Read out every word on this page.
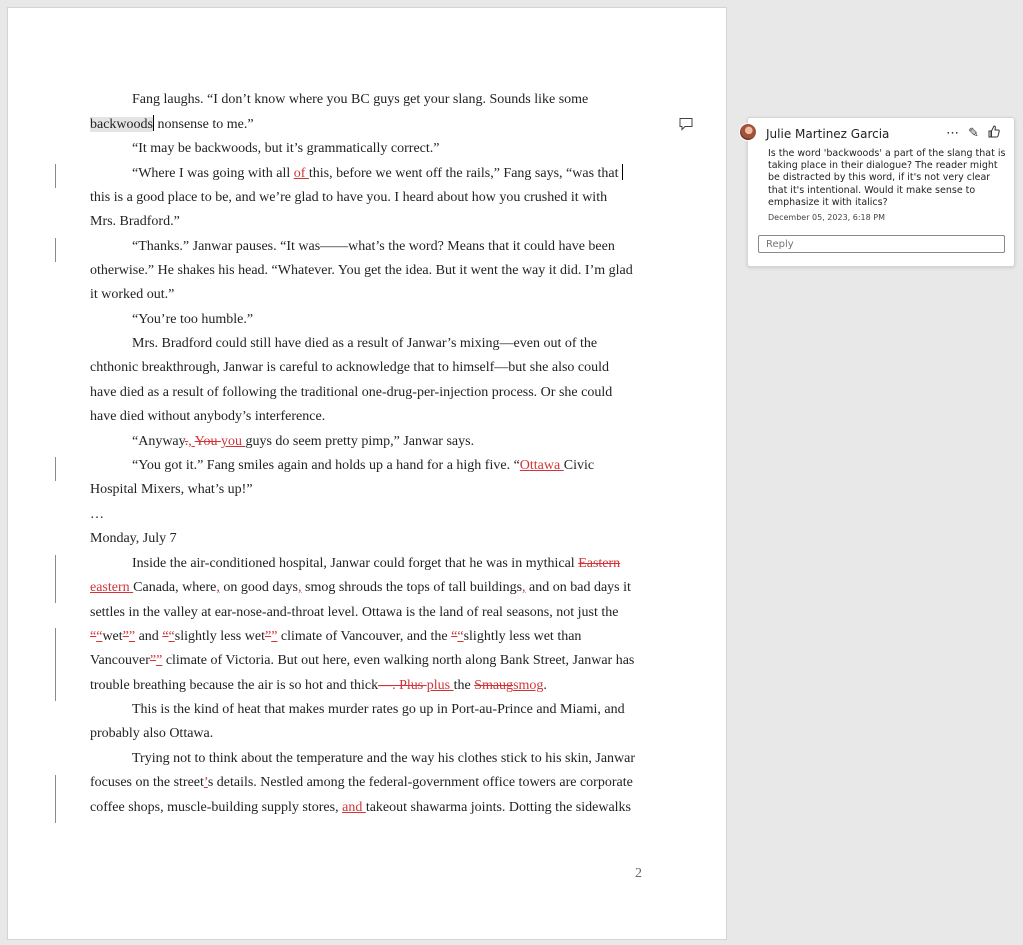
Fang laughs. “I don’t know where you BC guys get your slang. Sounds like some
backwoods nonsense to me.”
“It may be backwoods, but it’s grammatically correct.”
“Where I was going with all of this, before we went off the rails,” Fang says, “was that
this is a good place to be, and we’re glad to have you. I heard about how you crushed it with
Mrs. Bradford.”
“Thanks.” Janwar pauses. “It was——what’s the word? Means that it could have been
otherwise.” He shakes his head. “Whatever. You get the idea. But it went the way it did. I’m glad
it worked out.”
“You’re too humble.”
Mrs. Bradford could still have died as a result of Janwar’s mixing—even out of the
chthonic breakthrough, Janwar is careful to acknowledge that to himself—but she also could
have died as a result of following the traditional one-drug-per-injection process. Or she could
have died without anybody’s interference.
“Anyway., You you guys do seem pretty pimp,” Janwar says.
“You got it.” Fang smiles again and holds up a hand for a high five. “Ottawa Civic
Hospital Mixers, what’s up!”
…
Monday, July 7
Inside the air-conditioned hospital, Janwar could forget that he was in mythical Eastern
eastern Canada, where, on good days, smog shrouds the tops of tall buildings, and on bad days it
settles in the valley at ear-nose-and-throat level. Ottawa is the land of real seasons, not just the
““wet”” and ““slightly less wet”” climate of Vancouver, and the ““slightly less wet than
Vancouver”” climate of Victoria. But out here, even walking north along Bank Street, Janwar has
trouble breathing because the air is so hot and thick—. Plus plus the Smaugsmog.
This is the kind of heat that makes murder rates go up in Port-au-Prince and Miami, and
probably also Ottawa.
Trying not to think about the temperature and the way his clothes stick to his skin, Janwar
focuses on the street’s details. Nestled among the federal-government office towers are corporate
coffee shops, muscle-building supply stores, and takeout shawarma joints. Dotting the sidewalks
2
Julie Martinez Garcia	⋯ ✎
Is the word 'backwoods' a part of the slang that is taking place in their dialogue? The reader might be distracted by this word, if it's not very clear that it's intentional. Would it make sense to emphasize it with italics?
December 05, 2023, 6:18 PM
Reply
